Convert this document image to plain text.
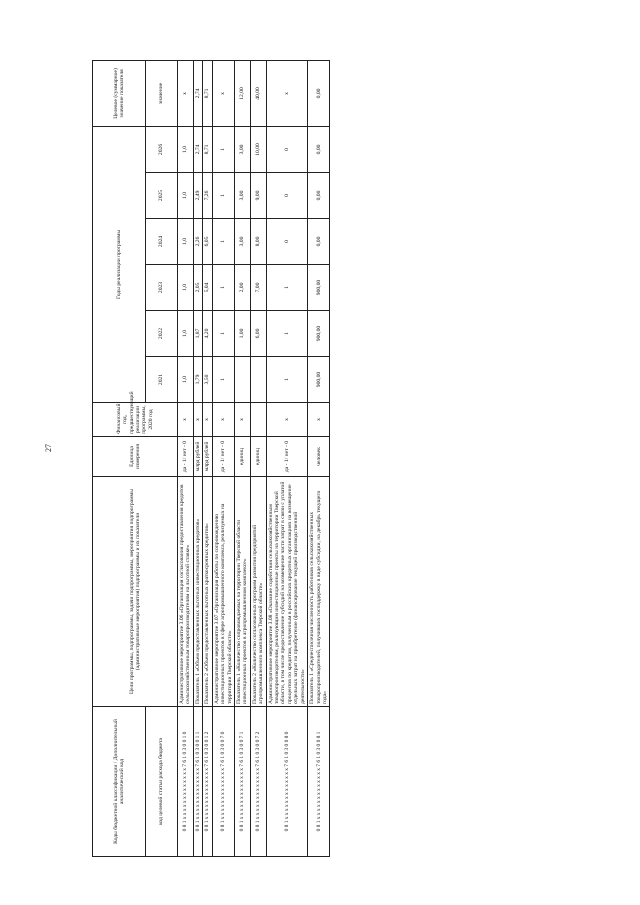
27
Коды бюджетной классификации / Дополнительный аналитический код	Цели программы, подпрограммы, задачи подпрограммы, мероприятия подпрограммы (административные мероприятия) подпрограммы и их показатели	Единица измерения	Финансовый год, предшествующий реализации программы, 2020 год	Годы реализации программы						Целевое (суммарное) значение показателя
код целевой статьи расхода бюджета				2021	2022	2023	2024	2025	2026	значение
0 8 1 х х х х х х х х х х х х х 7 6 1 0 3 0 0 1 0	Административное мероприятие 3.06 «Организация согласования предоставления кредитов сельскохозяйственным товаропроизводителям на льготной ставке»	да - 1/ нет - 0	х	1,0	1,0	1,0	1,0	1,0	1,0	х
0 8 1 х х х х х х х х х х х х х 7 6 1 0 3 0 0 1 1	Показатель 1 «Объем предоставленных льготных инвестиционных кредитов»	млрд рублей	х	1,79	1,87	2,05	2,26	2,49	2,74	2,74
0 8 1 х х х х х х х х х х х х х 7 6 1 0 3 0 0 1 2	Показатель 2 «Объем предоставленных льготных краткосрочных кредитов»	млрд рублей	х	3,50	4,20	5,04	6,05	7,26	8,71	8,71
0 8 1 х х х х х х х х х х х х х 7 6 1 0 3 0 0 7 0	Административное мероприятие 3.07 «Организация работы по сопровождению инвестиционных проектов в сфере агропромышленного комплекса, реализуемых на территории Тверской области»	да - 1/ нет - 0	х	1	1	1	1	1	1	х
0 8 1 х х х х х х х х х х х х х 7 6 1 0 3 0 0 7 1	Показатель 1 «Количество сопровождаемых на территории Тверской области инвестиционных проектов в агропромышленном комплексе»	единиц	х		1,00	2,00	3,00	3,00	3,00	12,00
0 8 1 х х х х х х х х х х х х х 7 6 1 0 3 0 0 7 2	Показатель 2 «Количество согласованных программ развития предприятий агропромышленного комплекса Тверской области»	единиц			6,00	7,00	8,00	9,00	10,00	40,00
0 8 1 х х х х х х х х х х х х х 7 6 1 0 3 0 0 8 0	Административное мероприятие 3.08 «Оказание содействия сельскохозяйственным товаропроизводителям, реализующим инвестиционные проекты на территории Тверской области, в том числе предоставление субсидий на возмещение части затрат в связи с уплатой процентов по кредитам, полученным в российских кредитных организациях на возмещение отдельных затрат на приобретение (финансирование текущей производственной деятельности»	да - 1/ нет - 0	х	1	1	1	0	0	0	х
0 8 1 х х х х х х х х х х х х х 7 6 1 0 3 0 0 8 1	Показатель 1 «Среднесписочная численность работников сельскохозяйственных товаропроизводителей, получивших господдержку в виде субсидии, на декабрь текущего года»	человек	х	900,00	900,00	900,00	0,00	0,00	0,00	0,00
